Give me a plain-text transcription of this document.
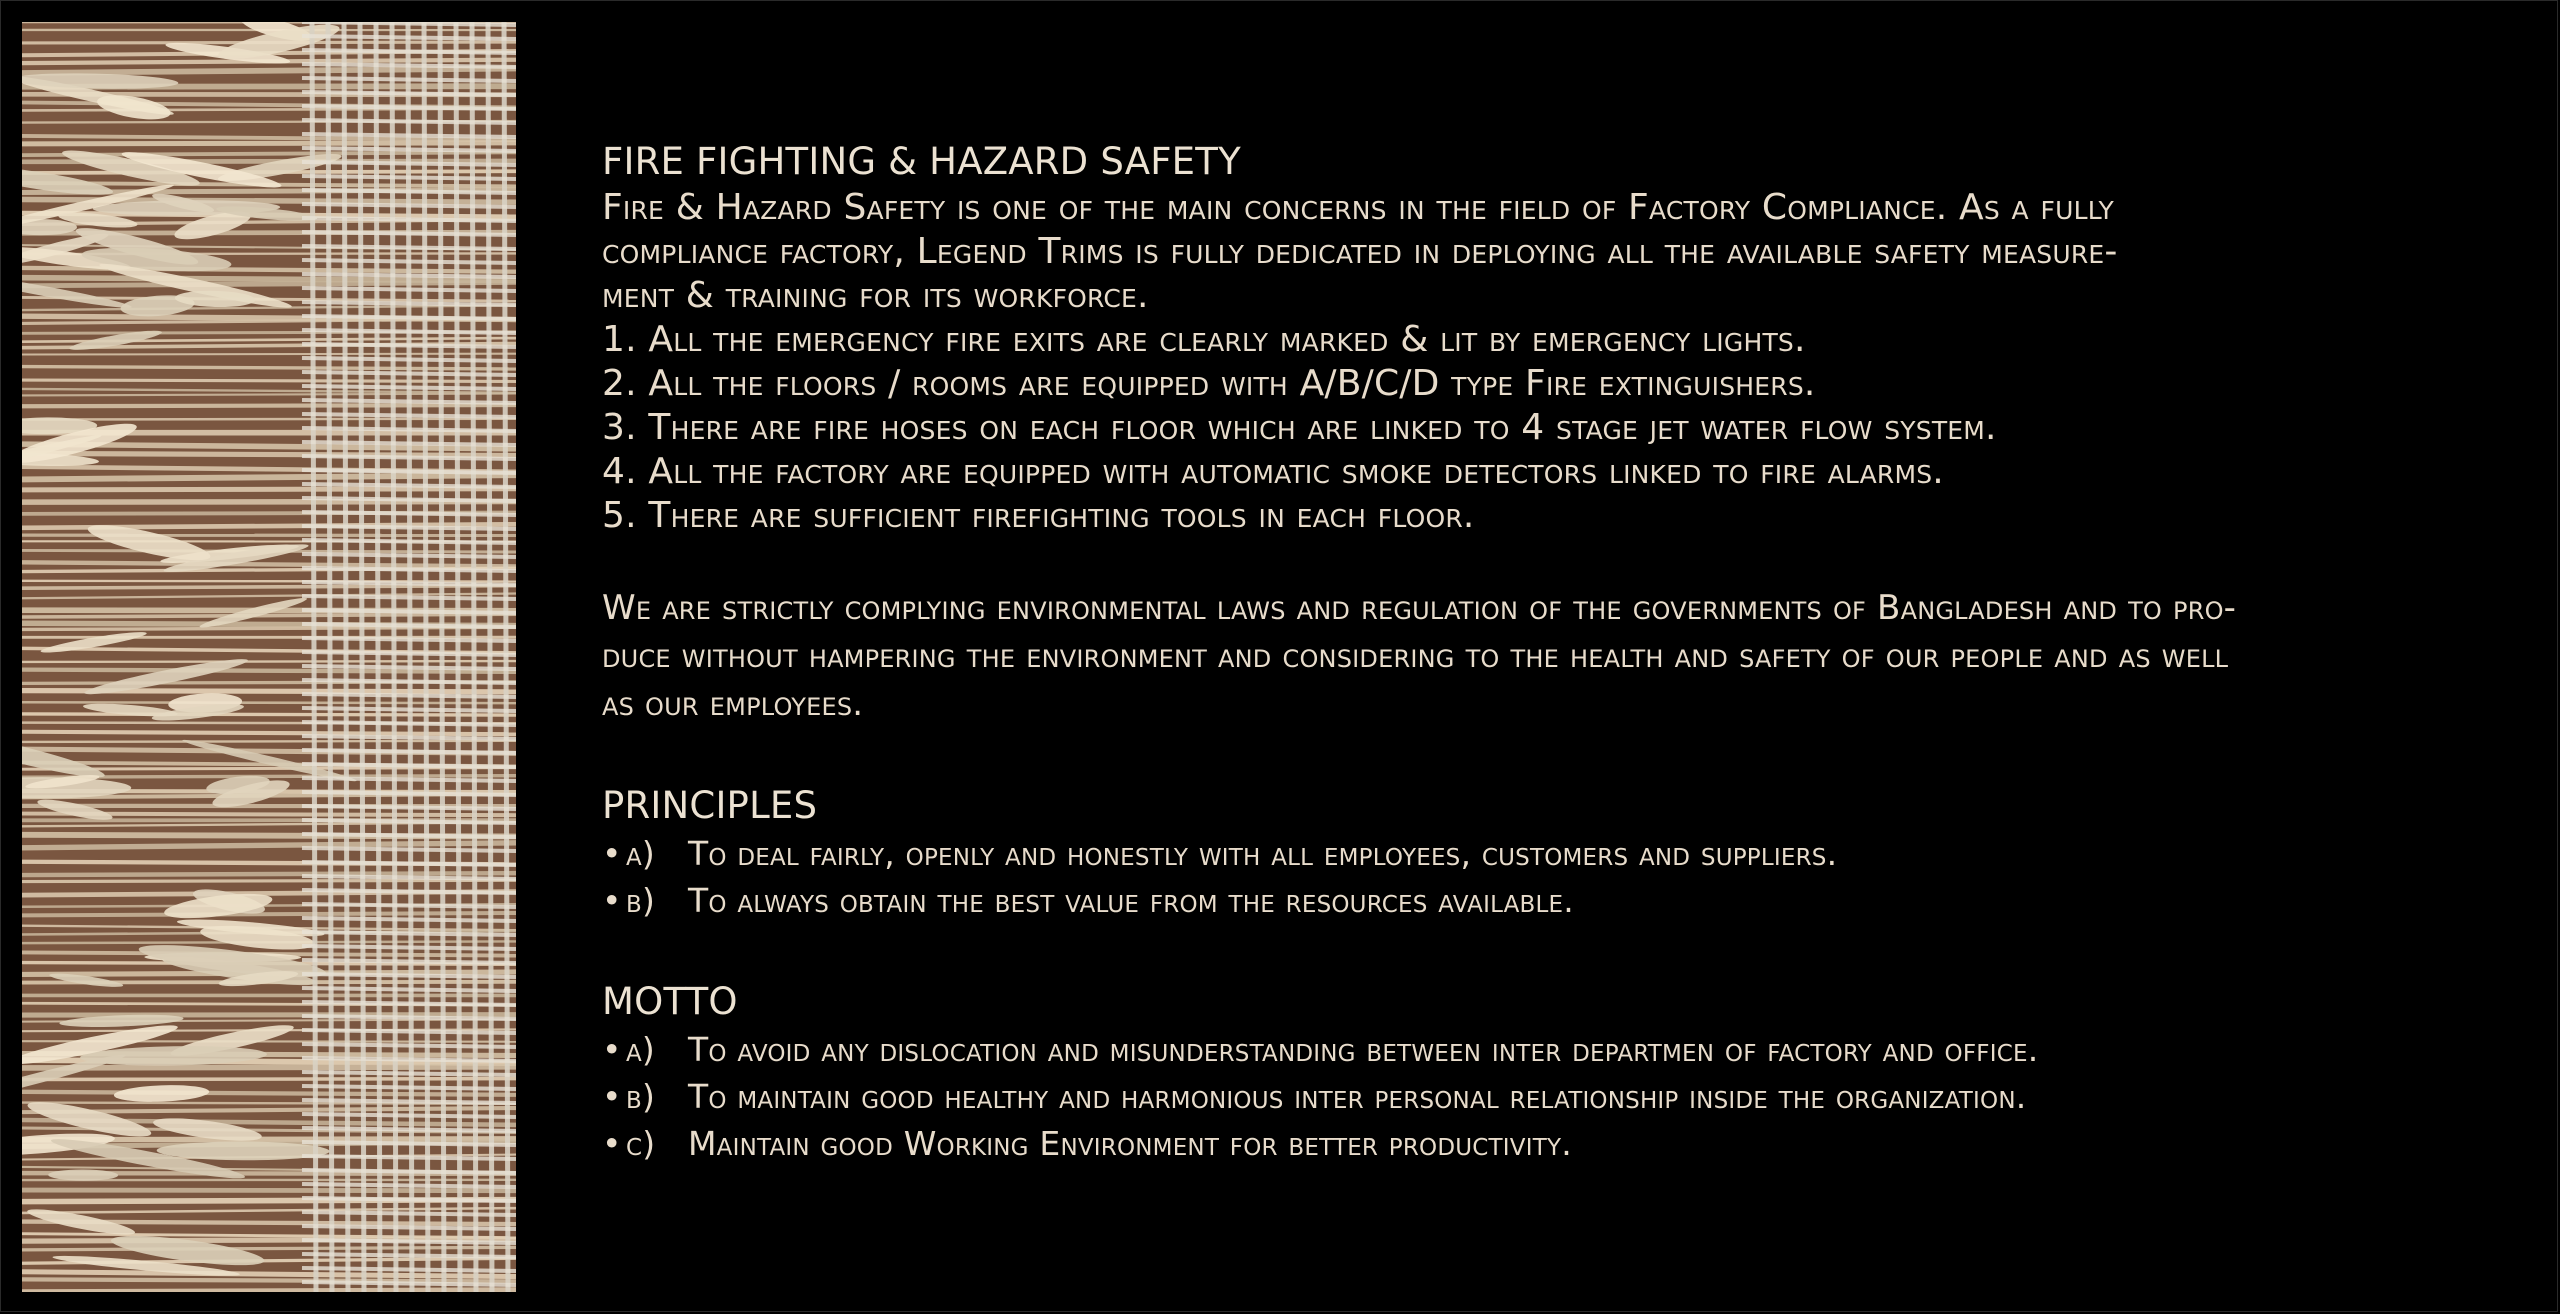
FIRE FIGHTING & HAZARD SAFETY

Fire & Hazard Safety is one of the main concerns in the field of Factory Compliance. As a fully

compliance factory, Legend Trims is fully dedicated in deploying all the available safety measure-

ment & training for its workforce.

1. All the emergency fire exits are clearly marked & lit by emergency lights.

2. All the floors / rooms are equipped with A/B/C/D type Fire extinguishers.

3. There are fire hoses on each floor which are linked to 4 stage jet water flow system.

4. All the factory are equipped with automatic smoke detectors linked to fire alarms.

5. There are sufficient firefighting tools in each floor.

We are strictly complying environmental laws and regulation of the governments of Bangladesh and to pro-

duce without hampering the environment and considering to the health and safety of our people and as well

as our employees.

PRINCIPLES

• a) To deal fairly, openly and honestly with all employees, customers and suppliers.
• b) To always obtain the best value from the resources available.

MOTTO

• a) To avoid any dislocation and misunderstanding between inter departmen of factory and office.
• b) To maintain good healthy and harmonious inter personal relationship inside the organization.
• c) Maintain good Working Environment for better productivity.
